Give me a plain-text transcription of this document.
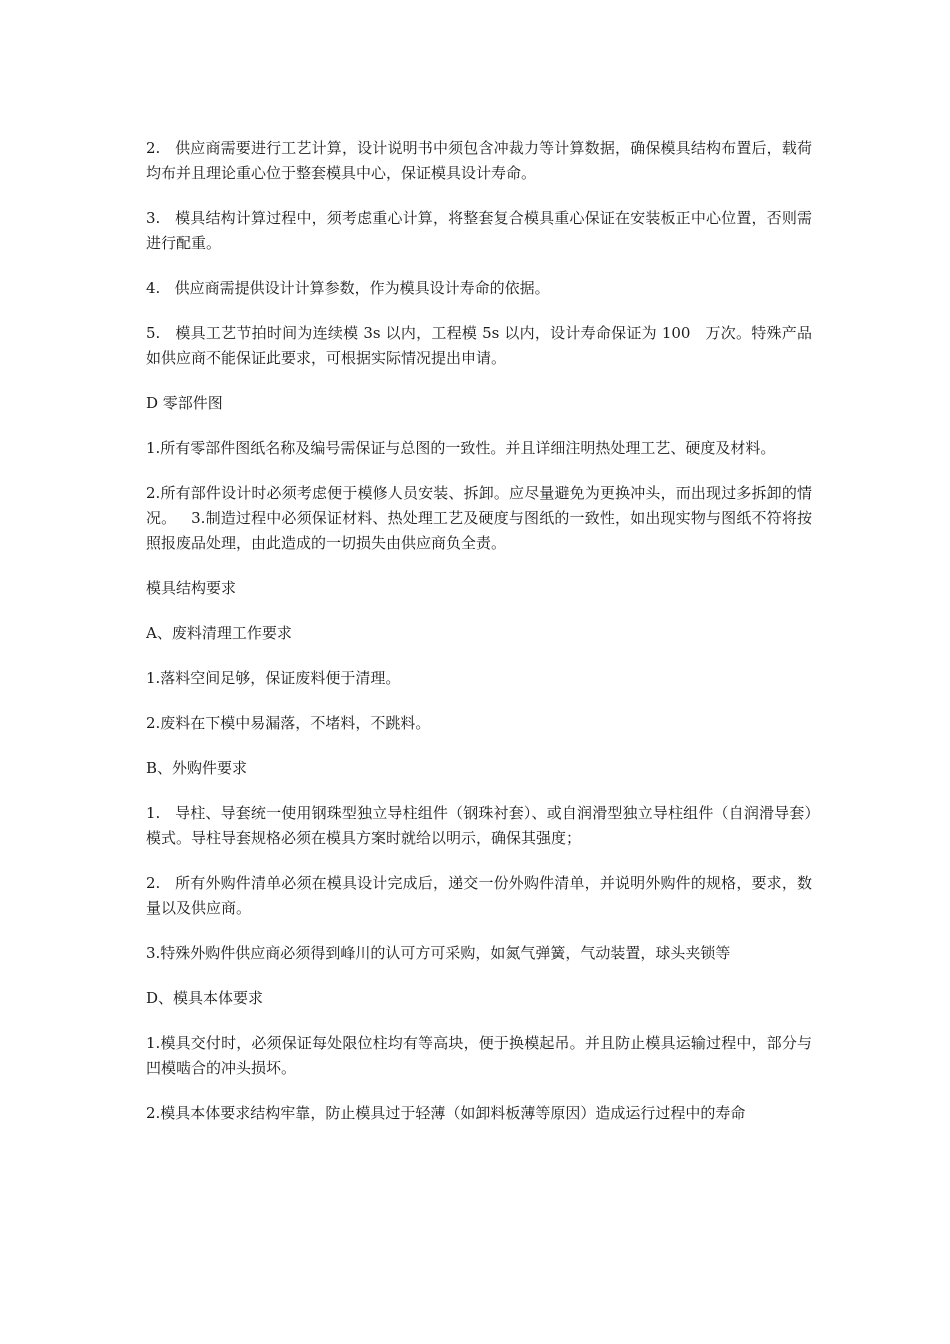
2.   供应商需要进行工艺计算，设计说明书中须包含冲裁力等计算数据，确保模具结构布置后，载荷均布并且理论重心位于整套模具中心，保证模具设计寿命。

3.   模具结构计算过程中，须考虑重心计算，将整套复合模具重心保证在安装板正中心位置，否则需进行配重。

4.   供应商需提供设计计算参数，作为模具设计寿命的依据。

5.   模具工艺节拍时间为连续模 3s 以内，工程模 5s 以内，设计寿命保证为 100   万次。特殊产品如供应商不能保证此要求，可根据实际情况提出申请。

D 零部件图

1.所有零部件图纸名称及编号需保证与总图的一致性。并且详细注明热处理工艺、硬度及材料。

2.所有部件设计时必须考虑便于模修人员安装、拆卸。应尽量避免为更换冲头，而出现过多拆卸的情况。   3.制造过程中必须保证材料、热处理工艺及硬度与图纸的一致性，如出现实物与图纸不符将按照报废品处理，由此造成的一切损失由供应商负全责。

模具结构要求

A、废料清理工作要求

1.落料空间足够，保证废料便于清理。

2.废料在下模中易漏落，不堵料，不跳料。

B、外购件要求

1.   导柱、导套统一使用钢珠型独立导柱组件（钢珠衬套）、或自润滑型独立导柱组件（自润滑导套）模式。导柱导套规格必须在模具方案时就给以明示，确保其强度；

2.   所有外购件清单必须在模具设计完成后，递交一份外购件清单，并说明外购件的规格，要求，数量以及供应商。

3.特殊外购件供应商必须得到峰川的认可方可采购，如氮气弹簧，气动装置，球头夹锁等

D、模具本体要求

1.模具交付时，必须保证每处限位柱均有等高块，便于换模起吊。并且防止模具运输过程中，部分与凹模啮合的冲头损坏。

2.模具本体要求结构牢靠，防止模具过于轻薄（如卸料板薄等原因）造成运行过程中的寿命
